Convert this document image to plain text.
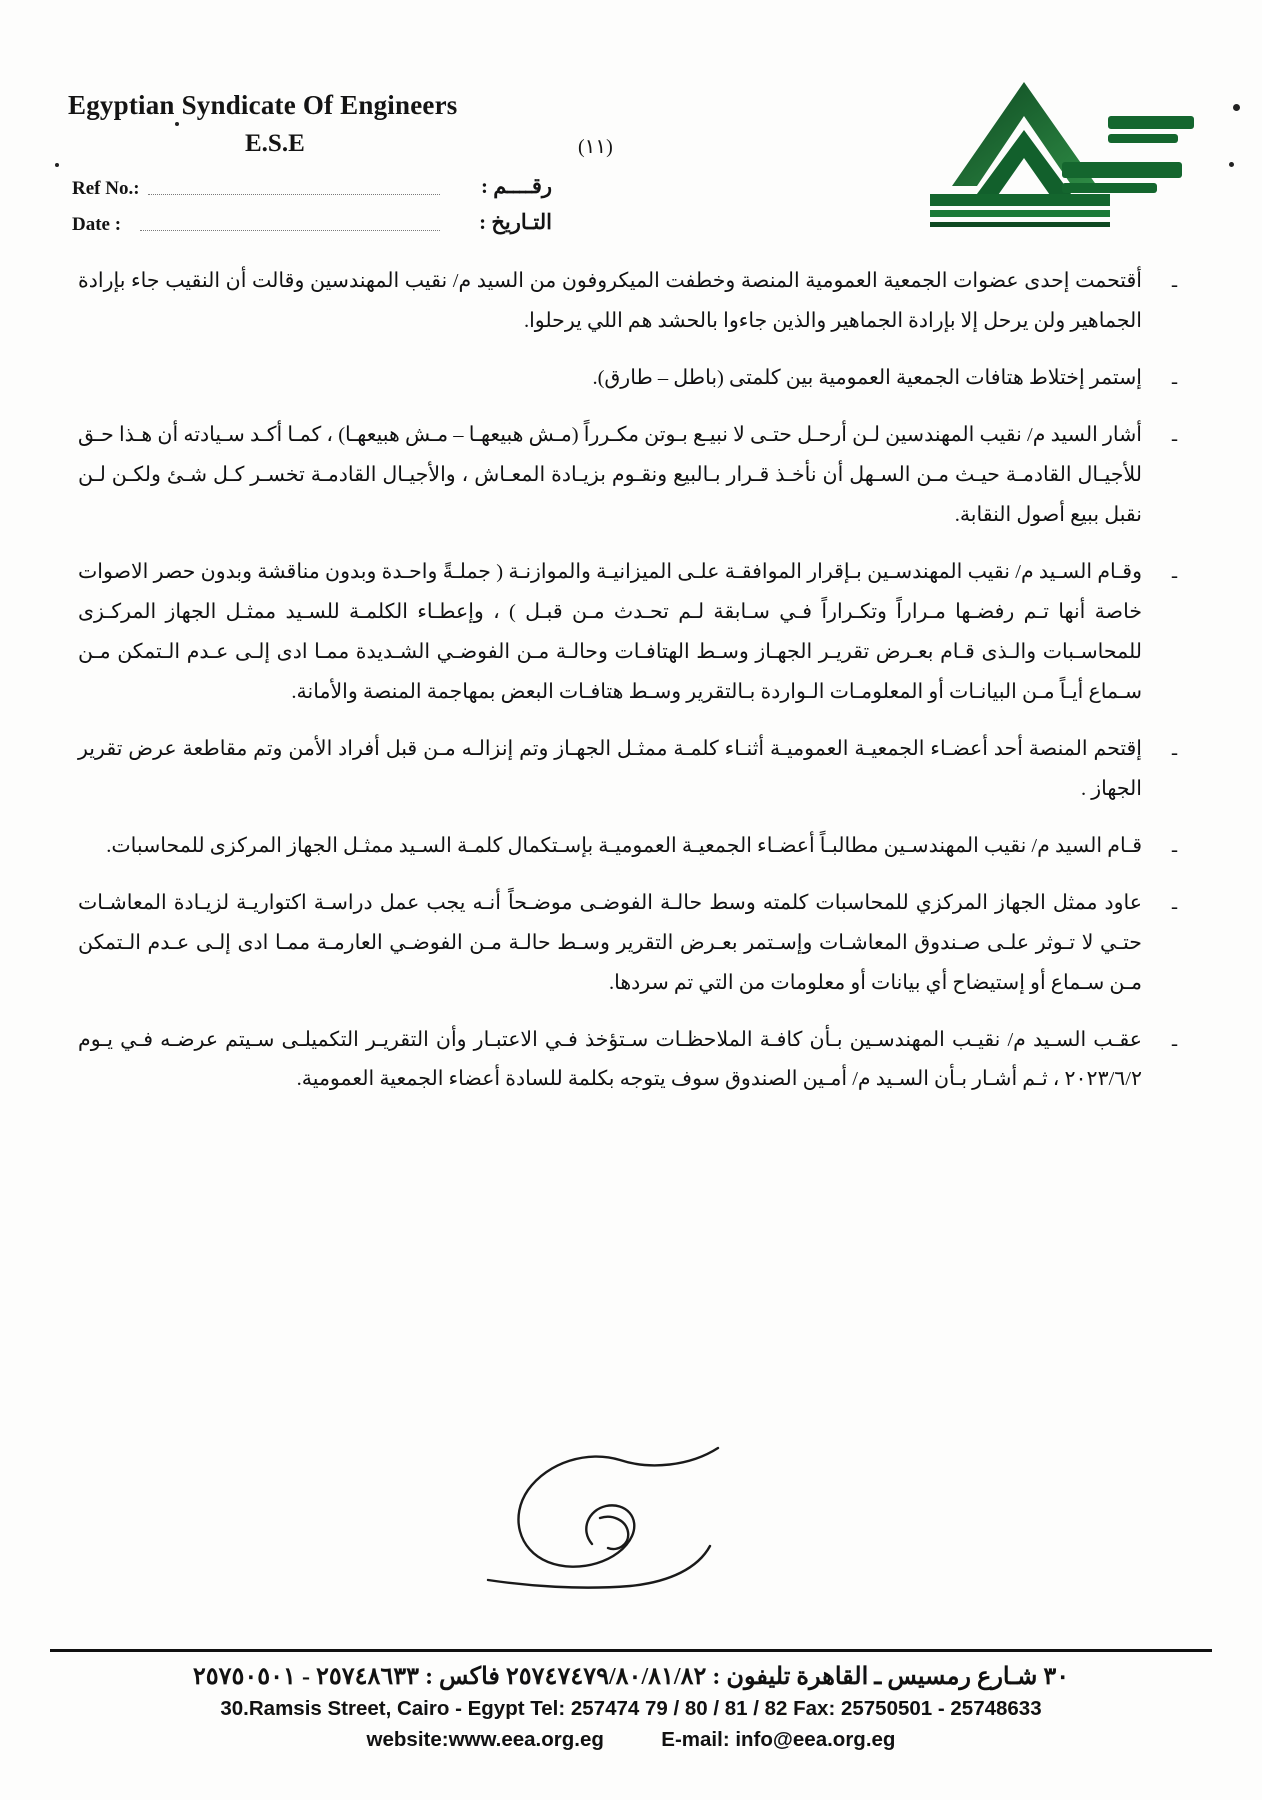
Egyptian Syndicate Of Engineers
E.S.E	(١١)
Ref No.:	رقــــم :
Date :	التـاريخ :
-
أقتحمت إحدى عضوات الجمعية العمومية المنصة وخطفت الميكروفون من السيد م/ نقيب المهندسين وقالت أن النقيب جاء بإرادة الجماهير ولن يرحل إلا بإرادة الجماهير والذين جاءوا بالحشد هم اللي يرحلوا.
-
إستمر إختلاط هتافات الجمعية العمومية بين كلمتى (باطل – طارق).
-
أشار السيد م/ نقيب المهندسين لـن أرحـل حتـى لا نبيـع بـوتن مكـرراً (مـش هبيعهـا – مـش هبيعهـا) ، كمـا أكـد سـيادته أن هـذا حـق للأجيـال القادمـة حيـث مـن السـهل أن نأخـذ قـرار بـالبيع ونقـوم بزيـادة المعـاش ، والأجيـال القادمـة تخسـر كـل شـئ ولكـن لـن نقبل ببيع أصول النقابة.
-
وقـام السـيد م/ نقيب المهندسـين بـإقرار الموافقـة علـى الميزانيـة والموازنـة ( جملـةً واحـدة وبدون مناقشة وبدون حصر الاصوات خاصة أنها تـم رفضـها مـراراً وتكـراراً فـي سـابقة لـم تحـدث مـن قبـل ) ، وإعطـاء الكلمـة للسـيد ممثـل الجهاز المركـزى للمحاسـبات والـذى قـام بعـرض تقريـر الجهـاز وسـط الهتافـات وحالـة مـن الفوضـي الشـديدة ممـا ادى إلـى عـدم الـتمكن مـن سـماع أيـاً مـن البيانـات أو المعلومـات الـواردة بـالتقرير وسـط هتافـات البعض بمهاجمة المنصة والأمانة.
-
إقتحم المنصة أحد أعضـاء الجمعيـة العموميـة أثنـاء كلمـة ممثـل الجهـاز وتم إنزالـه مـن قبل أفراد الأمن وتم مقاطعة عرض تقرير الجهاز .
-
قـام السيد م/ نقيب المهندسـين مطالبـاً أعضـاء الجمعيـة العموميـة بإسـتكمال كلمـة السـيد ممثـل الجهاز المركزى للمحاسبات.
-
عاود ممثل الجهاز المركزي للمحاسبات كلمته وسط حالـة الفوضـى موضـحاً أنـه يجب عمل دراسـة اكتواريـة لزيـادة المعاشـات حتـي لا تـوثر علـى صـندوق المعاشـات وإسـتمر بعـرض التقرير وسـط حالـة مـن الفوضـي العارمـة ممـا ادى إلـى عـدم الـتمكن مـن سـماع أو إستيضاح أي بيانات أو معلومات من التي تم سردها.
-
عقـب السـيد م/ نقيـب المهندسـين بـأن كافـة الملاحظـات سـتؤخذ فـي الاعتبـار وأن التقريـر التكميلـى سـيتم عرضـه فـي يـوم ٢٠٢٣/٦/٢ ، ثـم أشـار بـأن السـيد م/ أمـين الصندوق سوف يتوجه بكلمة للسادة أعضاء الجمعية العمومية.
٣٠ شـارع رمسيس ـ القاهرة تليفون : ٢٥٧٤٧٤٧٩/٨٠/٨١/٨٢ فاكس : ٢٥٧٤٨٦٣٣ - ٢٥٧٥٠٥٠١
30.Ramsis Street, Cairo - Egypt Tel: 257474 79 / 80 / 81 / 82 Fax: 25750501 - 25748633
website:www.eea.org.eg	E-mail: info@eea.org.eg
